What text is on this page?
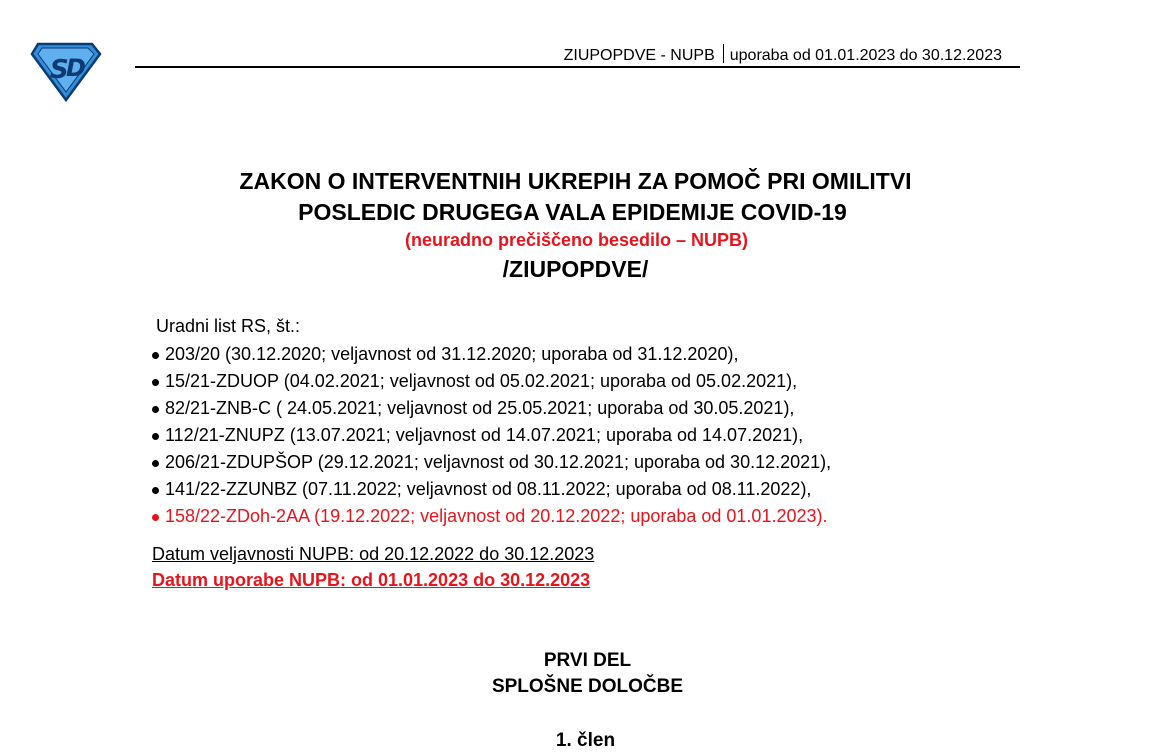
S
D	ZIUPOPDVE - NUPB uporaba od 01.01.2023 do 30.12.2023
ZAKON O INTERVENTNIH UKREPIH ZA POMOČ PRI OMILITVI
POSLEDIC DRUGEGA VALA EPIDEMIJE COVID-19
(neuradno prečiščeno besedilo – NUPB)
/ZIUPOPDVE/
Uradni list RS, št.:
203/20 (30.12.2020; veljavnost od 31.12.2020; uporaba od 31.12.2020),
15/21-ZDUOP (04.02.2021; veljavnost od 05.02.2021; uporaba od 05.02.2021),
82/21-ZNB-C ( 24.05.2021; veljavnost od 25.05.2021; uporaba od 30.05.2021),
112/21-ZNUPZ (13.07.2021; veljavnost od 14.07.2021; uporaba od 14.07.2021),
206/21-ZDUPŠOP (29.12.2021; veljavnost od 30.12.2021; uporaba od 30.12.2021),
141/22-ZZUNBZ (07.11.2022; veljavnost od 08.11.2022; uporaba od 08.11.2022),
158/22-ZDoh-2AA (19.12.2022; veljavnost od 20.12.2022; uporaba od 01.01.2023).
Datum veljavnosti NUPB: od 20.12.2022 do 30.12.2023
Datum uporabe NUPB: od 01.01.2023 do 30.12.2023
PRVI DEL
SPLOŠNE DOLOČBE
1. člen
